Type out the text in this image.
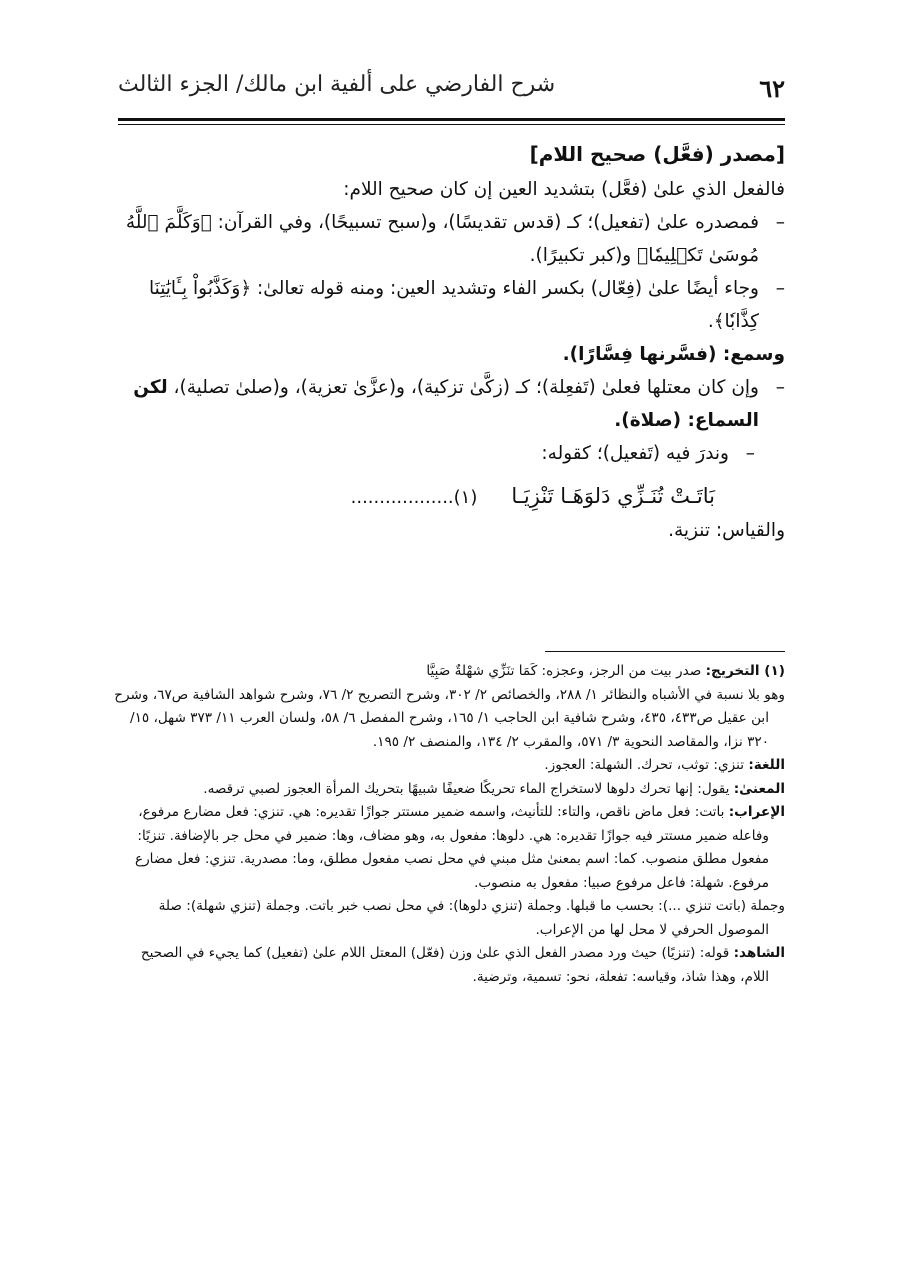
شرح الفارضي على ألفية ابن مالك/ الجزء الثالث	٦٢

[مصدر (فعَّل) صحيح اللام]

فالفعل الذي علىٰ (فعَّل) بتشديد العين إن كان صحيح اللام:

–
فمصدره علىٰ (تفعيل)؛ كـ (قدس تقديسًا)، و(سبح تسبيحًا)، وفي القرآن: ﴿وَكَلَّمَ ٱللَّهُ مُوسَىٰ تَكۡلِيمٗا﴾ و(كبر تكبيرًا).

–
وجاء أيضًا علىٰ (فِعّال) بكسر الفاء وتشديد العين: ومنه قوله تعالىٰ: ﴿وَكَذَّبُواْ بِـَٔايَٰتِنَا كِذَّابٗا﴾.

وسمع: (فسَّرنها فِسَّارًا).

–
وإن كان معتلها فعلىٰ (تَفعِلة)؛ كـ (زكَّىٰ تزكية)، و(عزَّىٰ تعزية)، و(صلىٰ تصلية)، لكن السماع: (صلاة).

–
وندرَ فيه (تَفعيل)؛ كقوله:

بَاتَـتْ تُنَـزِّي دَلوَهَـا تَنْزِيَـا
..................(١)

والقياس: تنزية.

(١) التخريج: صدر بيت من الرجز، وعجزه: كَمَا تنَزِّي شهْلةٌ صَبِيَّا

وهو بلا نسبة في الأشباه والنظائر ١/ ٢٨٨، والخصائص ٢/ ٣٠٢، وشرح التصريح ٢/ ٧٦، وشرح شواهد الشافية ص٦٧، وشرح ابن عقيل ص٤٣٣، ٤٣٥، وشرح شافية ابن الحاجب ١/ ١٦٥، وشرح المفصل ٦/ ٥٨، ولسان العرب ١١/ ٣٧٣ شهل، ١٥/ ٣٢٠ نزا، والمقاصد النحوية ٣/ ٥٧١، والمقرب ٢/ ١٣٤، والمنصف ٢/ ١٩٥.

اللغة: تنزي: توثب، تحرك. الشهلة: العجوز.

المعنىٰ: يقول: إنها تحرك دلوها لاستخراج الماء تحريكًا ضعيفًا شبيهًا بتحريك المرأة العجوز لصبي ترقصه.

الإعراب: باتت: فعل ماض ناقص، والتاء: للتأنيث، واسمه ضمير مستتر جوازًا تقديره: هي. تنزي: فعل مضارع مرفوع، وفاعله ضمير مستتر فيه جوازًا تقديره: هي. دلوها: مفعول به، وهو مضاف، وها: ضمير في محل جر بالإضافة. تنزيًا: مفعول مطلق منصوب. كما: اسم بمعنىٰ مثل مبني في محل نصب مفعول مطلق، وما: مصدرية. تنزي: فعل مضارع مرفوع. شهلة: فاعل مرفوع صبيا: مفعول به منصوب.

وجملة (باتت تنزي ...): بحسب ما قبلها. وجملة (تنزي دلوها): في محل نصب خبر باتت. وجملة (تنزي شهلة): صلة الموصول الحرفي لا محل لها من الإعراب.

الشاهد: قوله: (تنزيًا) حيث ورد مصدر الفعل الذي علىٰ وزن (فعّل) المعتل اللام علىٰ (تفعيل) كما يجيء في الصحيح اللام، وهذا شاذ، وقياسه: تفعلة، نحو: تسمية، وترضية.
